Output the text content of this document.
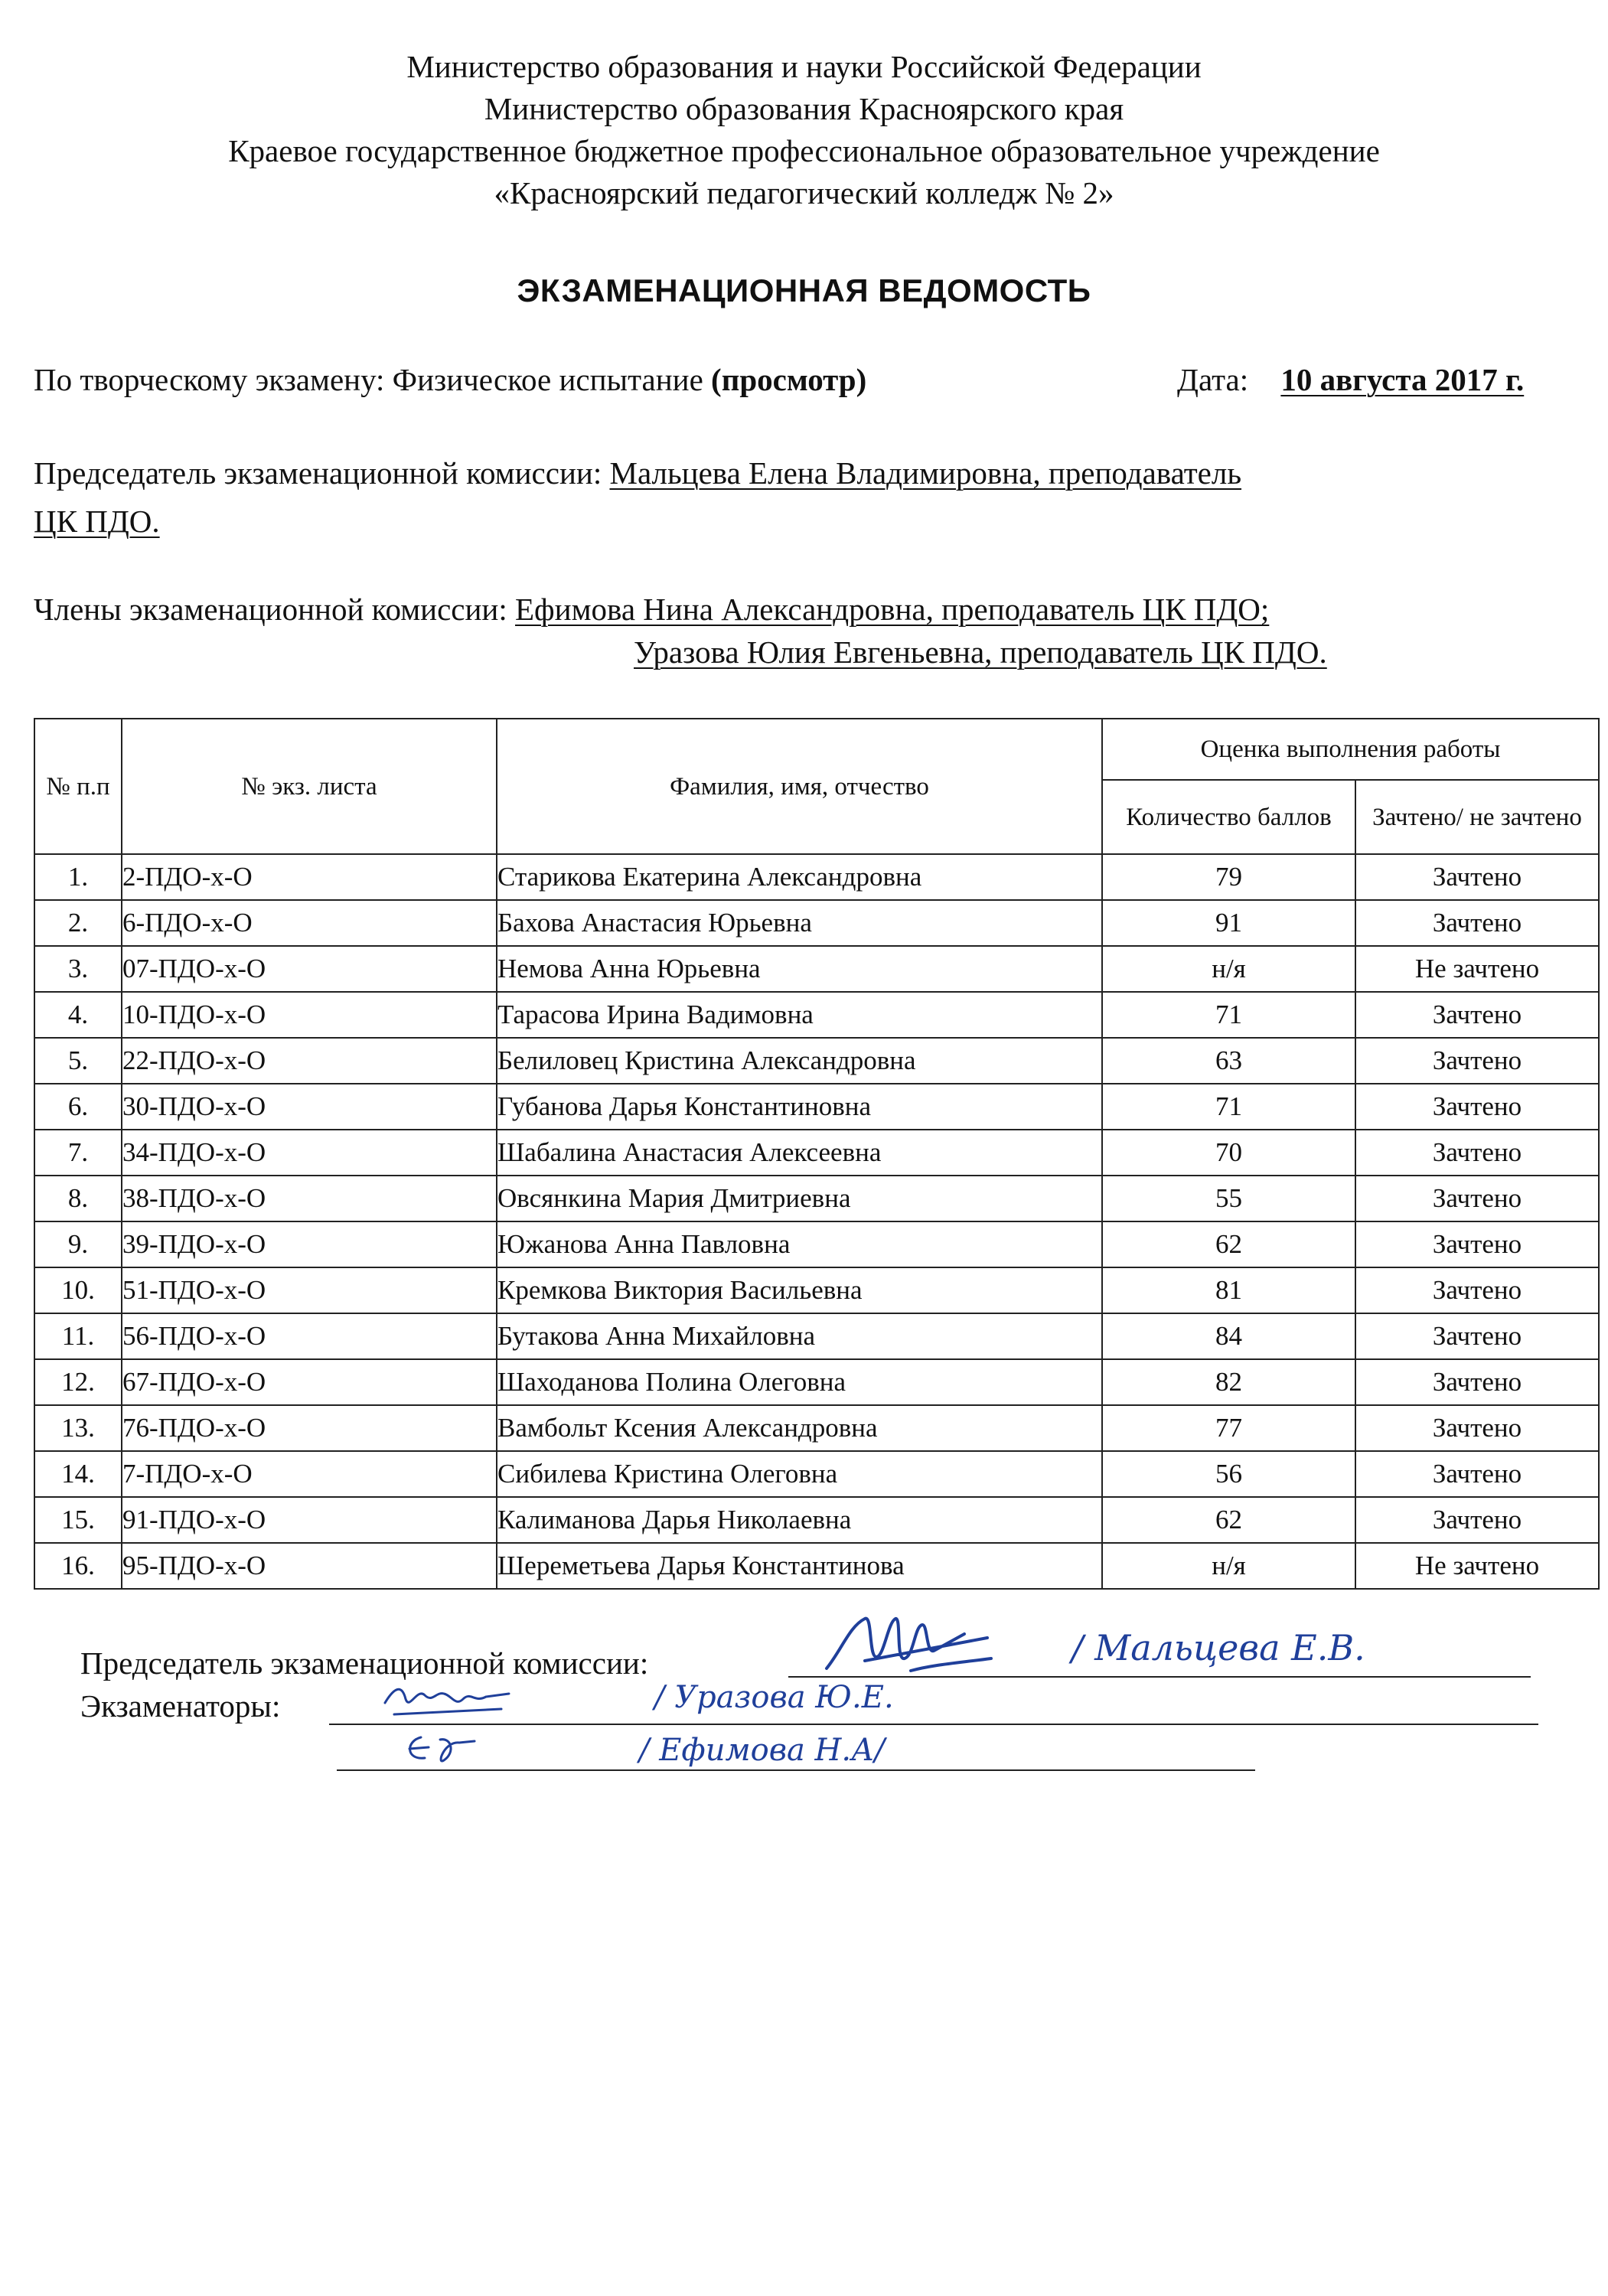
Министерство образования и науки Российской Федерации
Министерство образования Красноярского края
Краевое государственное бюджетное профессиональное образовательное учреждение
«Красноярский педагогический колледж № 2»
ЭКЗАМЕНАЦИОННАЯ ВЕДОМОСТЬ
По творческому экзамену: Физическое испытание (просмотр)	Дата: 10 августа 2017 г.
Председатель экзаменационной комиссии: Мальцева Елена Владимировна, преподаватель
ЦК ПДО.
Члены экзаменационной комиссии: Ефимова Нина Александровна, преподаватель ЦК ПДО;
Уразова Юлия Евгеньевна, преподаватель ЦК ПДО.
№ п.п	№ экз. листа	Фамилия, имя, отчество	Оценка выполнения работы	
			Количество баллов	Зачтено/ не зачтено
1.	2-ПДО-х-О	Старикова Екатерина Александровна	79	Зачтено
2.	6-ПДО-х-О	Бахова Анастасия Юрьевна	91	Зачтено
3.	07-ПДО-х-О	Немова Анна Юрьевна	н/я	Не зачтено
4.	10-ПДО-х-О	Тарасова Ирина Вадимовна	71	Зачтено
5.	22-ПДО-х-О	Белиловец Кристина Александровна	63	Зачтено
6.	30-ПДО-х-О	Губанова Дарья Константиновна	71	Зачтено
7.	34-ПДО-х-О	Шабалина Анастасия Алексеевна	70	Зачтено
8.	38-ПДО-х-О	Овсянкина Мария Дмитриевна	55	Зачтено
9.	39-ПДО-х-О	Южанова Анна Павловна	62	Зачтено
10.	51-ПДО-х-О	Кремкова Виктория Васильевна	81	Зачтено
11.	56-ПДО-х-О	Бутакова Анна Михайловна	84	Зачтено
12.	67-ПДО-х-О	Шаходанова Полина Олеговна	82	Зачтено
13.	76-ПДО-х-О	Вамбольт Ксения Александровна	77	Зачтено
14.	7-ПДО-х-О	Сибилева Кристина Олеговна	56	Зачтено
15.	91-ПДО-х-О	Калиманова Дарья Николаевна	62	Зачтено
16.	95-ПДО-х-О	Шереметьева Дарья Константинова	н/я	Не зачтено
Председатель экзаменационной комиссии:
Экзаменаторы:
/ Мальцева Е.В.
/ Уразова Ю.Е.
/ Ефимова Н.А/
